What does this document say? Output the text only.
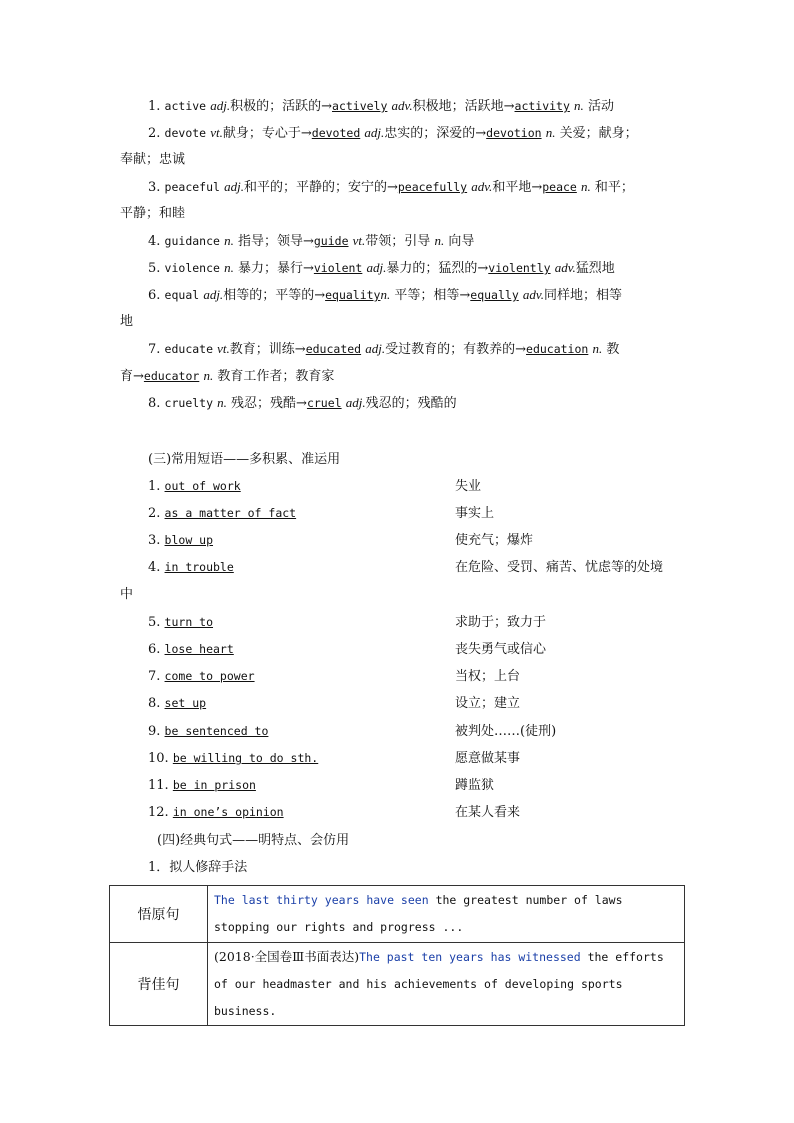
1. active adj.积极的；活跃的→actively adv.积极地；活跃地→activity n. 活动
2. devote vt.献身；专心于→devoted adj.忠实的；深爱的→devotion n. 关爱；献身；
奉献；忠诚
3. peaceful adj.和平的；平静的；安宁的→peacefully adv.和平地→peace n. 和平；
平静；和睦
4. guidance n. 指导；领导→guide vt.带领；引导 n. 向导
5. violence n. 暴力；暴行→violent adj.暴力的；猛烈的→violently adv.猛烈地
6. equal adj.相等的；平等的→equalityn. 平等；相等→equally adv.同样地；相等
地
7. educate vt.教育；训练→educated adj.受过教育的；有教养的→education n. 教
育→educator n. 教育工作者；教育家
8. cruelty n. 残忍；残酷→cruel adj.残忍的；残酷的
(三)常用短语——多积累、准运用
1. out of work	失业
2. as a matter of fact	事实上
3. blow up	使充气；爆炸
4. in trouble	在危险、受罚、痛苦、忧虑等的处境
中
5. turn to	求助于；致力于
6. lose heart	丧失勇气或信心
7. come to power	当权；上台
8. set up	设立；建立
9. be sentenced to	被判处……(徒刑)
10. be willing to do sth.	愿意做某事
11. be in prison	蹲监狱
12. in one’s opinion	在某人看来
(四)经典句式——明特点、会仿用
1．拟人修辞手法
悟原句	The last thirty years have seen the greatest number of laws stopping our rights and progress ...
背佳句	(2018·全国卷Ⅲ书面表达)The past ten years has witnessed the efforts of our headmaster and his achievements of developing sports business.
